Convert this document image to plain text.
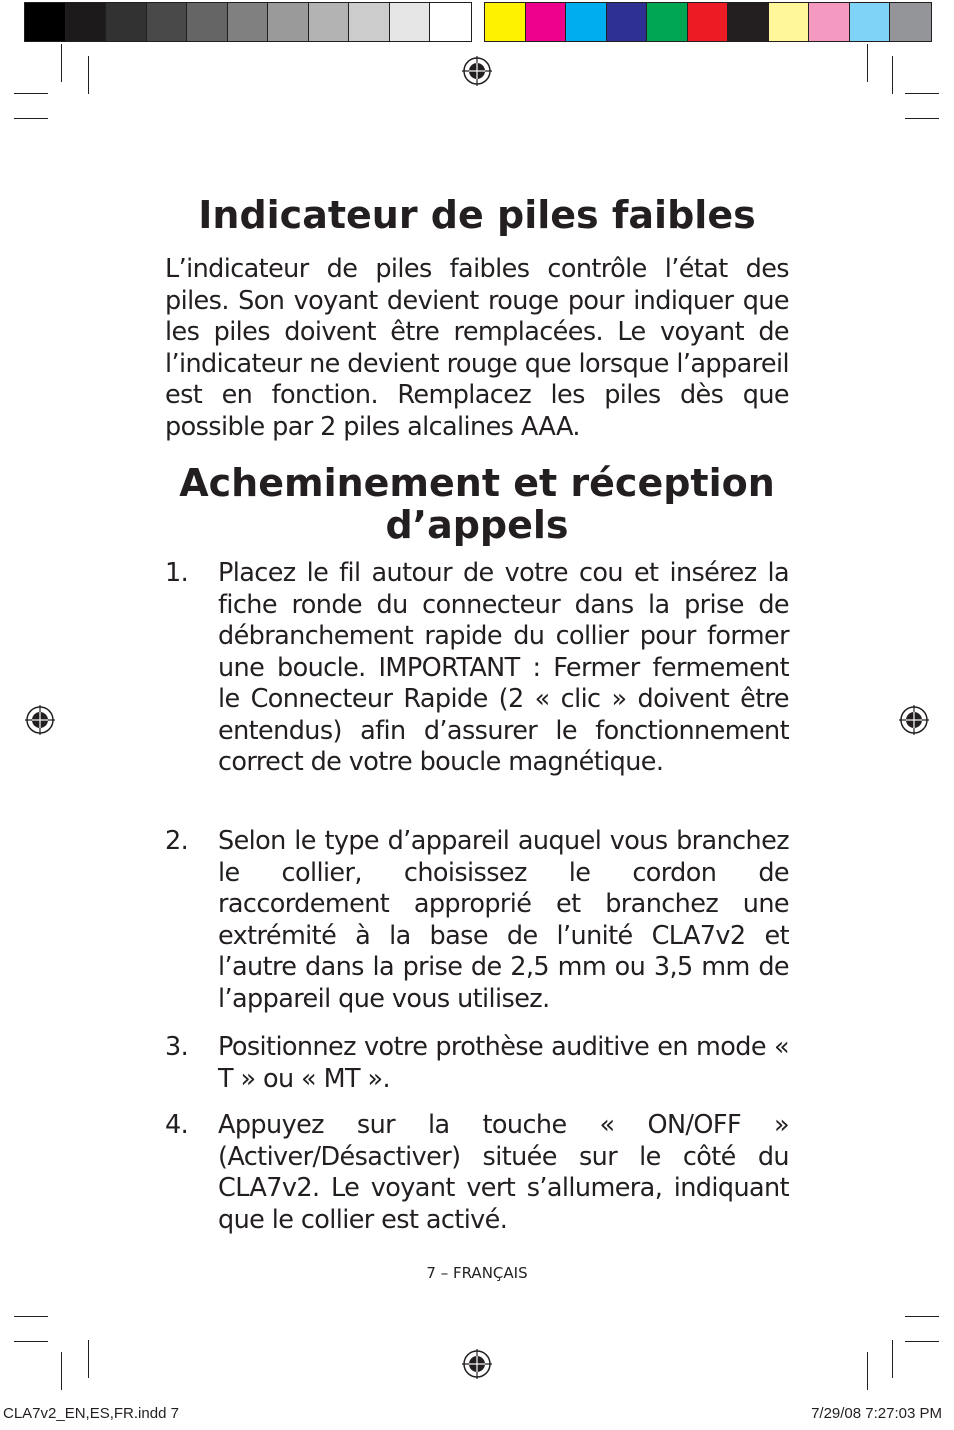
Indicateur de piles faibles

L’indicateur de piles faibles contrôle l’état des piles. Son voyant devient rouge pour indiquer que les piles doivent être remplacées. Le voyant de l’indicateur ne devient rouge que lorsque l’appareil est en fonction. Remplacez les piles dès que possible par 2 piles alcalines AAA.

Acheminement et réception d’appels
1. Placez le fil autour de votre cou et insérez la fiche ronde du connecteur dans la prise de débranchement rapide du collier pour former une boucle. IMPORTANT : Fermer fermement le Connecteur Rapide (2 « clic » doivent être entendus) afin d’assurer le fonctionnement correct de votre boucle magnétique.

2. Selon le type d’appareil auquel vous branchez le collier, choisissez le cordon de raccordement approprié et branchez une extrémité à la base de l’unité CLA7v2 et l’autre dans la prise de 2,5 mm ou 3,5 mm de l’appareil que vous utilisez.

3. Positionnez votre prothèse auditive en mode « T » ou « MT ».

4. Appuyez sur la touche « ON/OFF » (Activer/Désactiver) située sur le côté du CLA7v2. Le voyant vert s’allumera, indiquant que le collier est activé.

7 – FRANÇAIS
CLA7v2_EN,ES,FR.indd 7	7/29/08 7:27:03 PM
